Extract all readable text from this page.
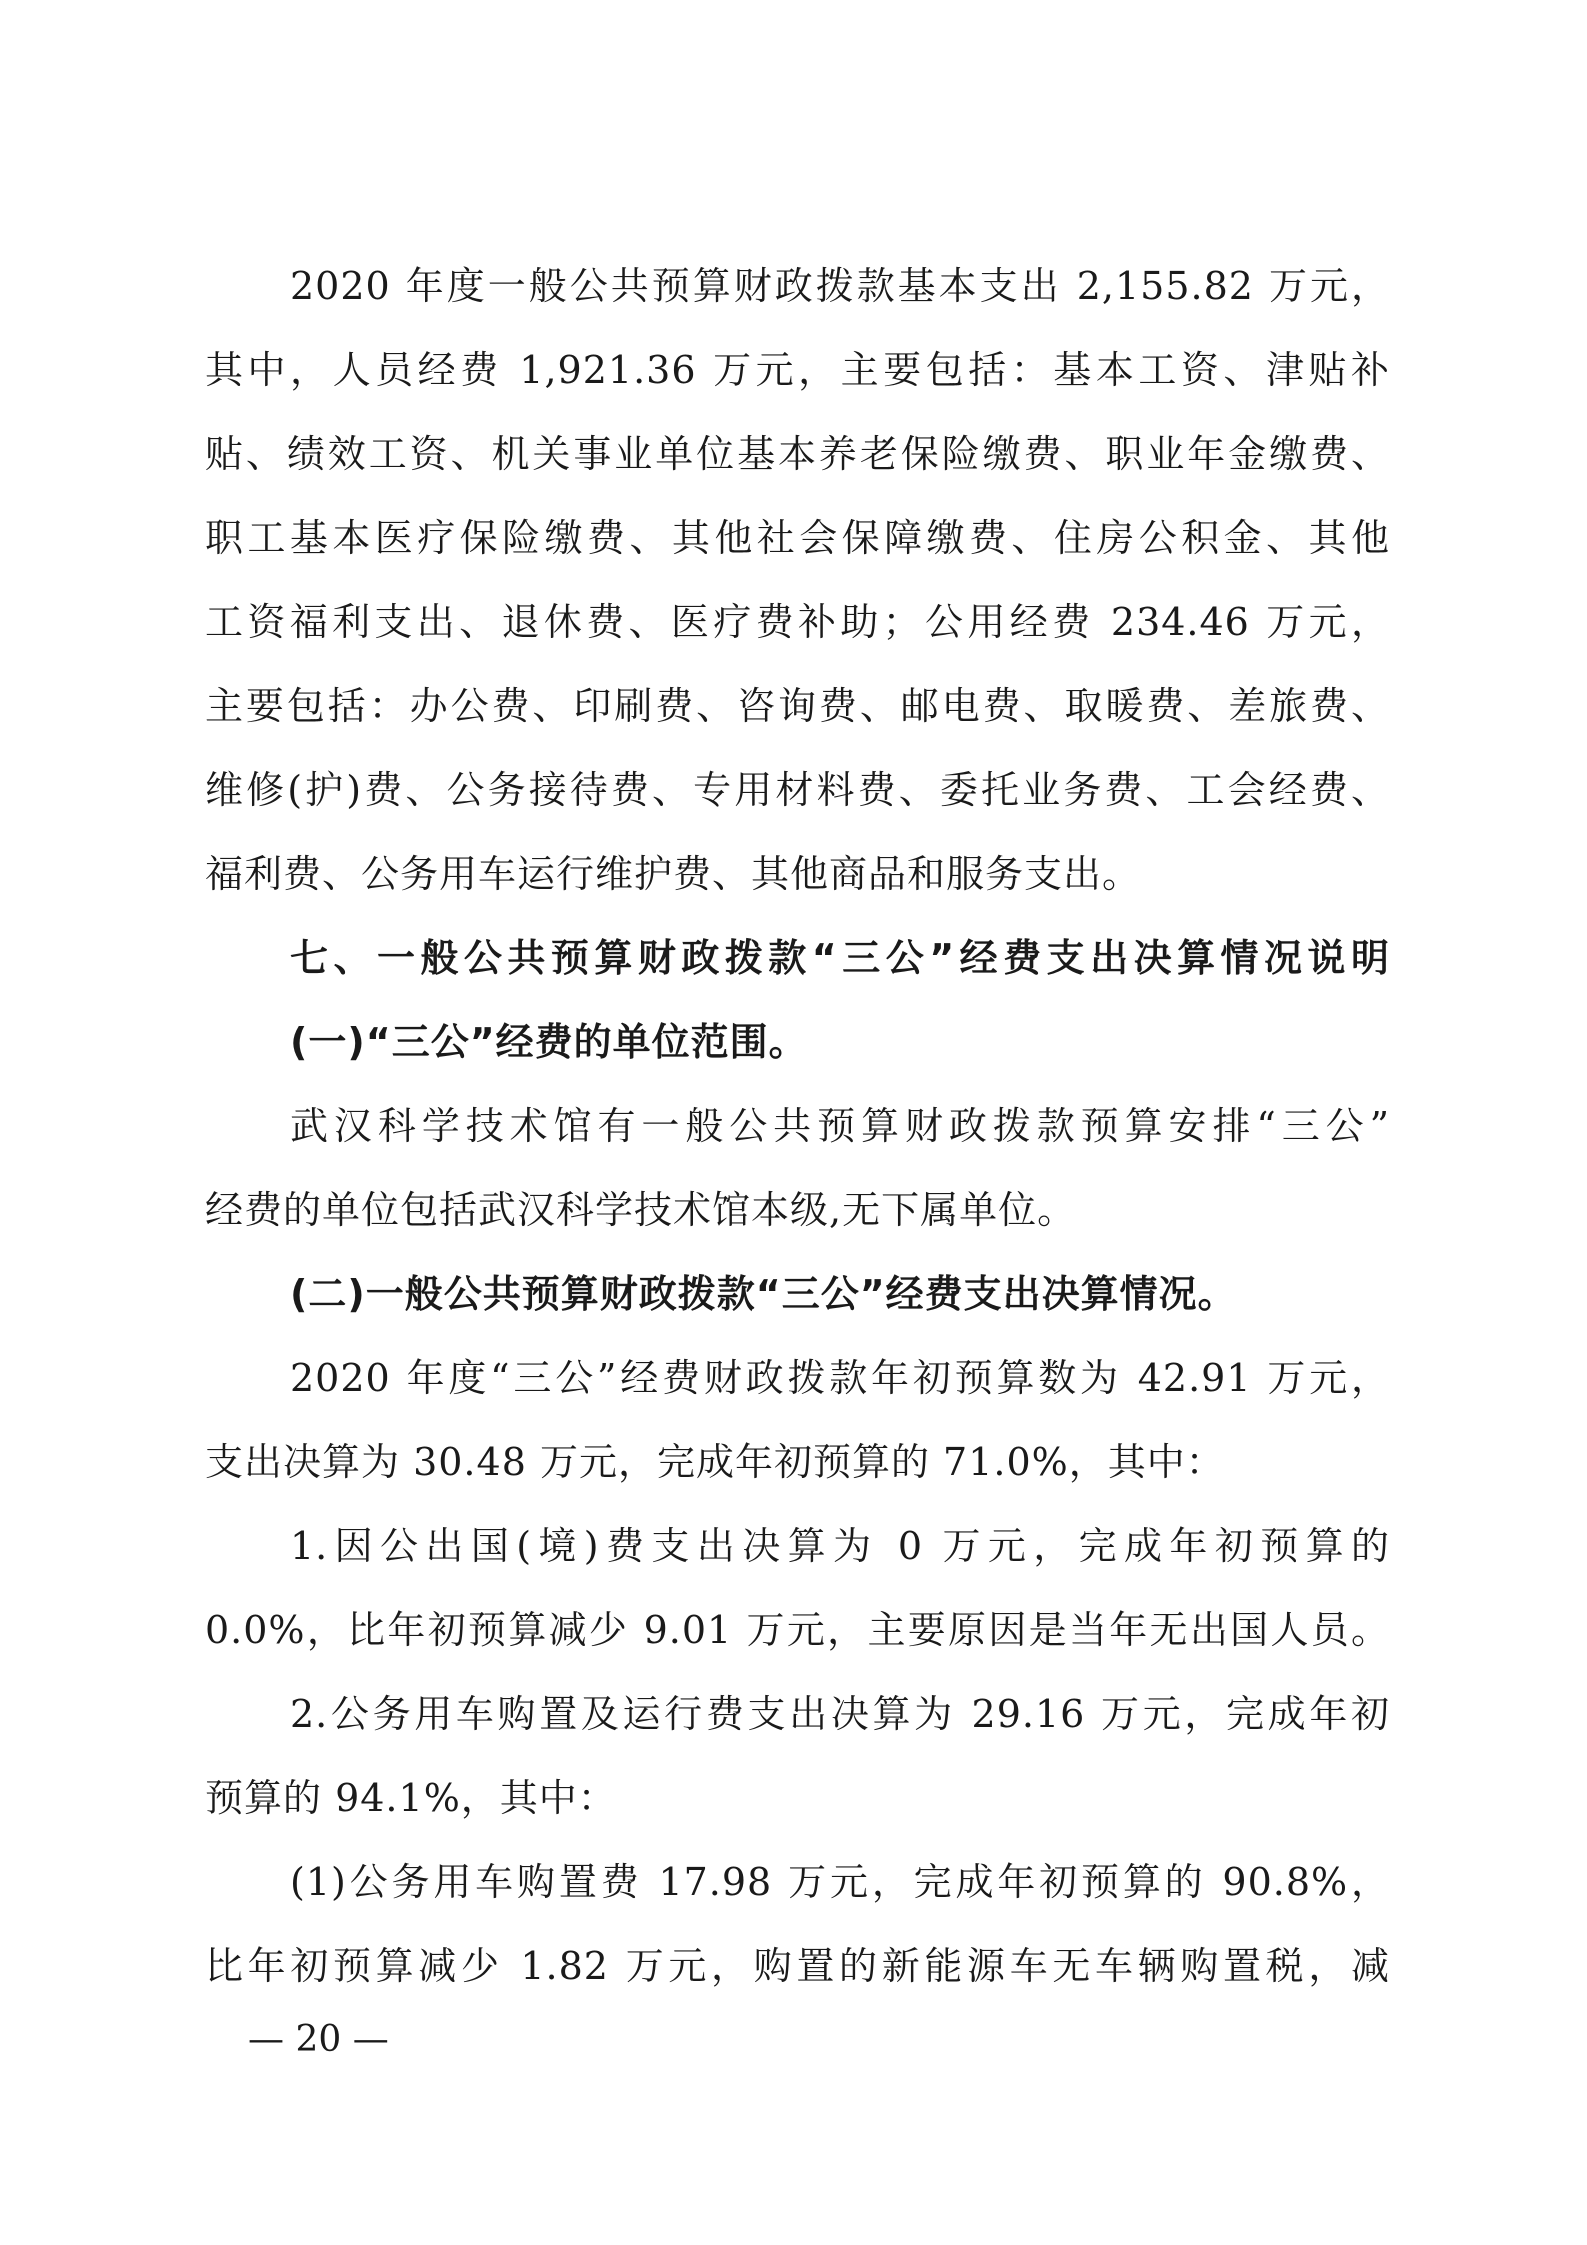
2020 年度一般公共预算财政拨款基本支出 2,155.82 万元，
其中，人员经费 1,921.36 万元，主要包括：基本工资、津贴补
贴、绩效工资、机关事业单位基本养老保险缴费、职业年金缴费、
职工基本医疗保险缴费、其他社会保障缴费、住房公积金、其他
工资福利支出、退休费、医疗费补助；公用经费 234.46 万元，
主要包括：办公费、印刷费、咨询费、邮电费、取暖费、差旅费、
维修(护)费、公务接待费、专用材料费、委托业务费、工会经费、
福利费、公务用车运行维护费、其他商品和服务支出。
七、一般公共预算财政拨款“三公”经费支出决算情况说明
(一)“三公”经费的单位范围。
武汉科学技术馆有一般公共预算财政拨款预算安排“三公”
经费的单位包括武汉科学技术馆本级,无下属单位。
(二)一般公共预算财政拨款“三公”经费支出决算情况。
2020 年度“三公”经费财政拨款年初预算数为 42.91 万元，
支出决算为 30.48 万元，完成年初预算的 71.0%，其中：
1.因公出国(境)费支出决算为 0 万元，完成年初预算的
0.0%，比年初预算减少 9.01 万元，主要原因是当年无出国人员。
2.公务用车购置及运行费支出决算为 29.16 万元，完成年初
预算的 94.1%，其中：
(1)公务用车购置费 17.98 万元，完成年初预算的 90.8%，
比年初预算减少 1.82 万元，购置的新能源车无车辆购置税，减
— 20 —
